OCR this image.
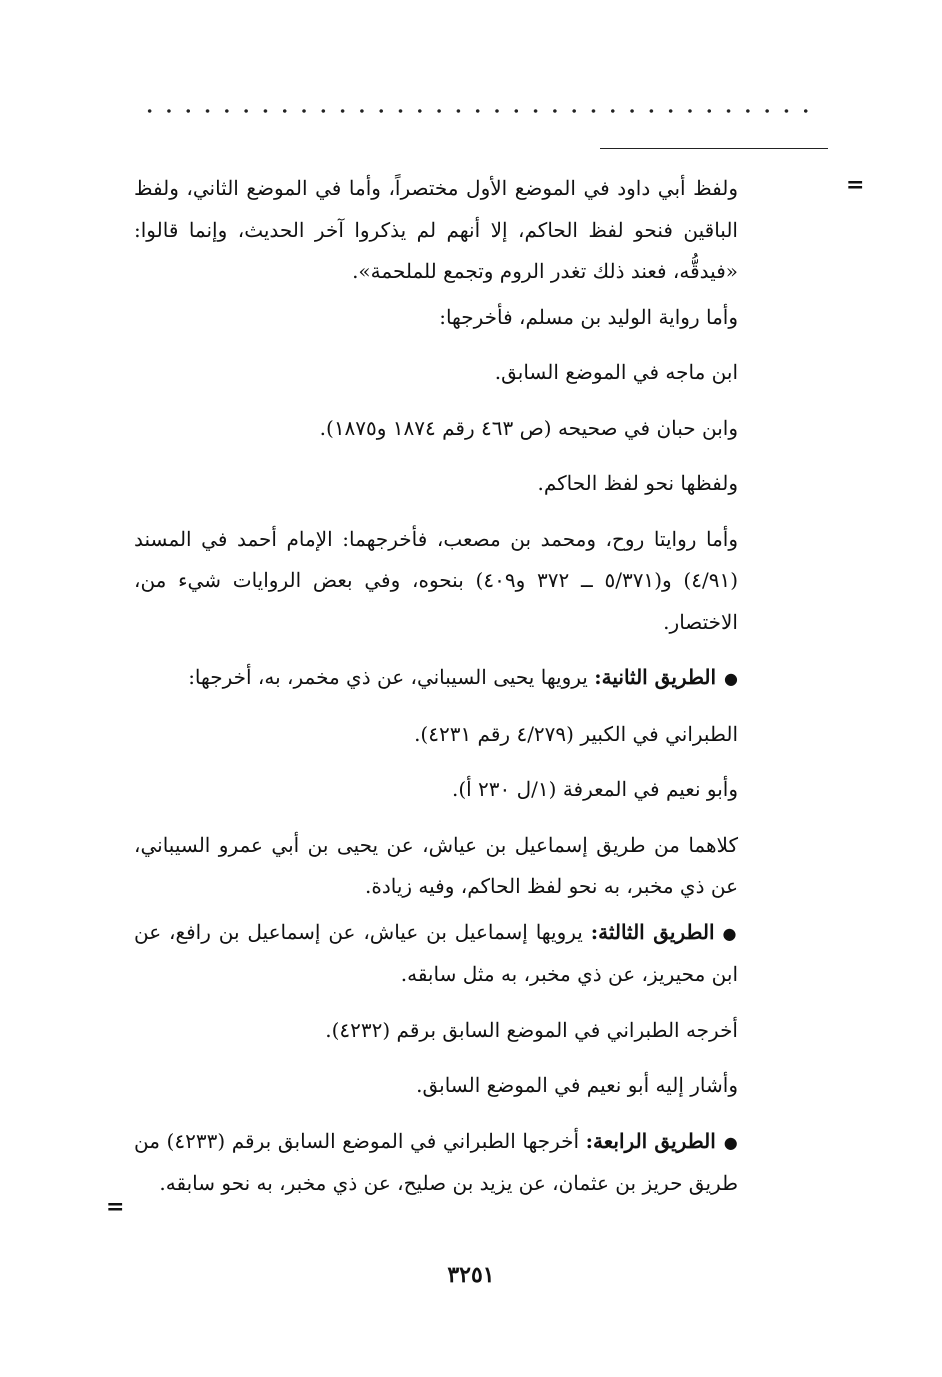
=
=

ولفظ أبي داود في الموضع الأول مختصراً، وأما في الموضع الثاني، ولفظ الباقين فنحو لفظ الحاكم، إلا أنهم لم يذكروا آخر الحديث، وإنما قالوا: «فيدقُّه، فعند ذلك تغدر الروم وتجمع للملحمة».

وأما رواية الوليد بن مسلم، فأخرجها:

ابن ماجه في الموضع السابق.

وابن حبان في صحيحه (ص ٤٦٣ رقم ١٨٧٤ و١٨٧٥).

ولفظها نحو لفظ الحاكم.

وأما روايتا روح، ومحمد بن مصعب، فأخرجهما: الإمام أحمد في المسند (٤/٩١) و(٥/٣٧١ ــ ٣٧٢ و٤٠٩) بنحوه، وفي بعض الروايات شيء من، الاختصار.

●الطريق الثانية: يرويها يحيى السيباني، عن ذي مخمر، به، أخرجها:

الطبراني في الكبير (٤/٢٧٩ رقم ٤٢٣١).

وأبو نعيم في المعرفة (١/ل ٢٣٠ أ).

كلاهما من طريق إسماعيل بن عياش، عن يحيى بن أبي عمرو السيباني، عن ذي مخبر، به نحو لفظ الحاكم، وفيه زيادة.

●الطريق الثالثة: يرويها إسماعيل بن عياش، عن إسماعيل بن رافع، عن ابن محيريز، عن ذي مخبر، به مثل سابقه.

أخرجه الطبراني في الموضع السابق برقم (٤٢٣٢).

وأشار إليه أبو نعيم في الموضع السابق.

●الطريق الرابعة: أخرجها الطبراني في الموضع السابق برقم (٤٢٣٣) من طريق حريز بن عثمان، عن يزيد بن صليح، عن ذي مخبر، به نحو سابقه.

٣٢٥١
